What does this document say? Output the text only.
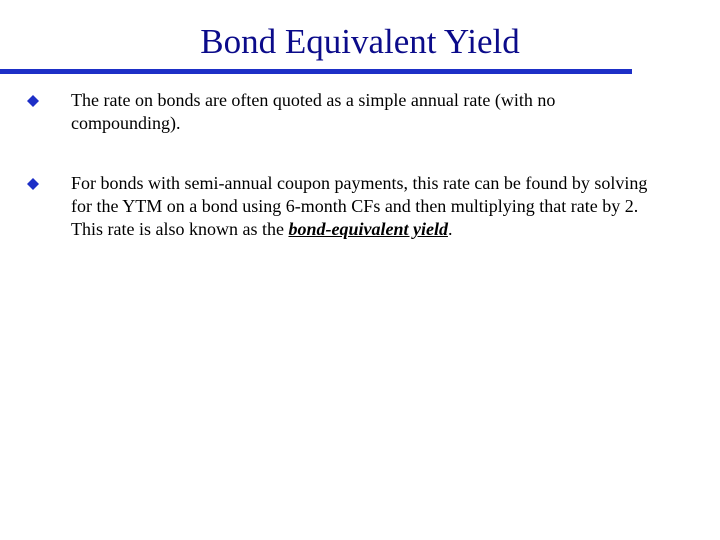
Bond Equivalent Yield
The rate on bonds are often quoted as a simple annual rate (with no compounding).
For bonds with semi-annual coupon payments, this rate can be found by solving for the YTM on a bond using 6-month CFs and then multiplying that rate by 2. This rate is also known as the bond-equivalent yield.
